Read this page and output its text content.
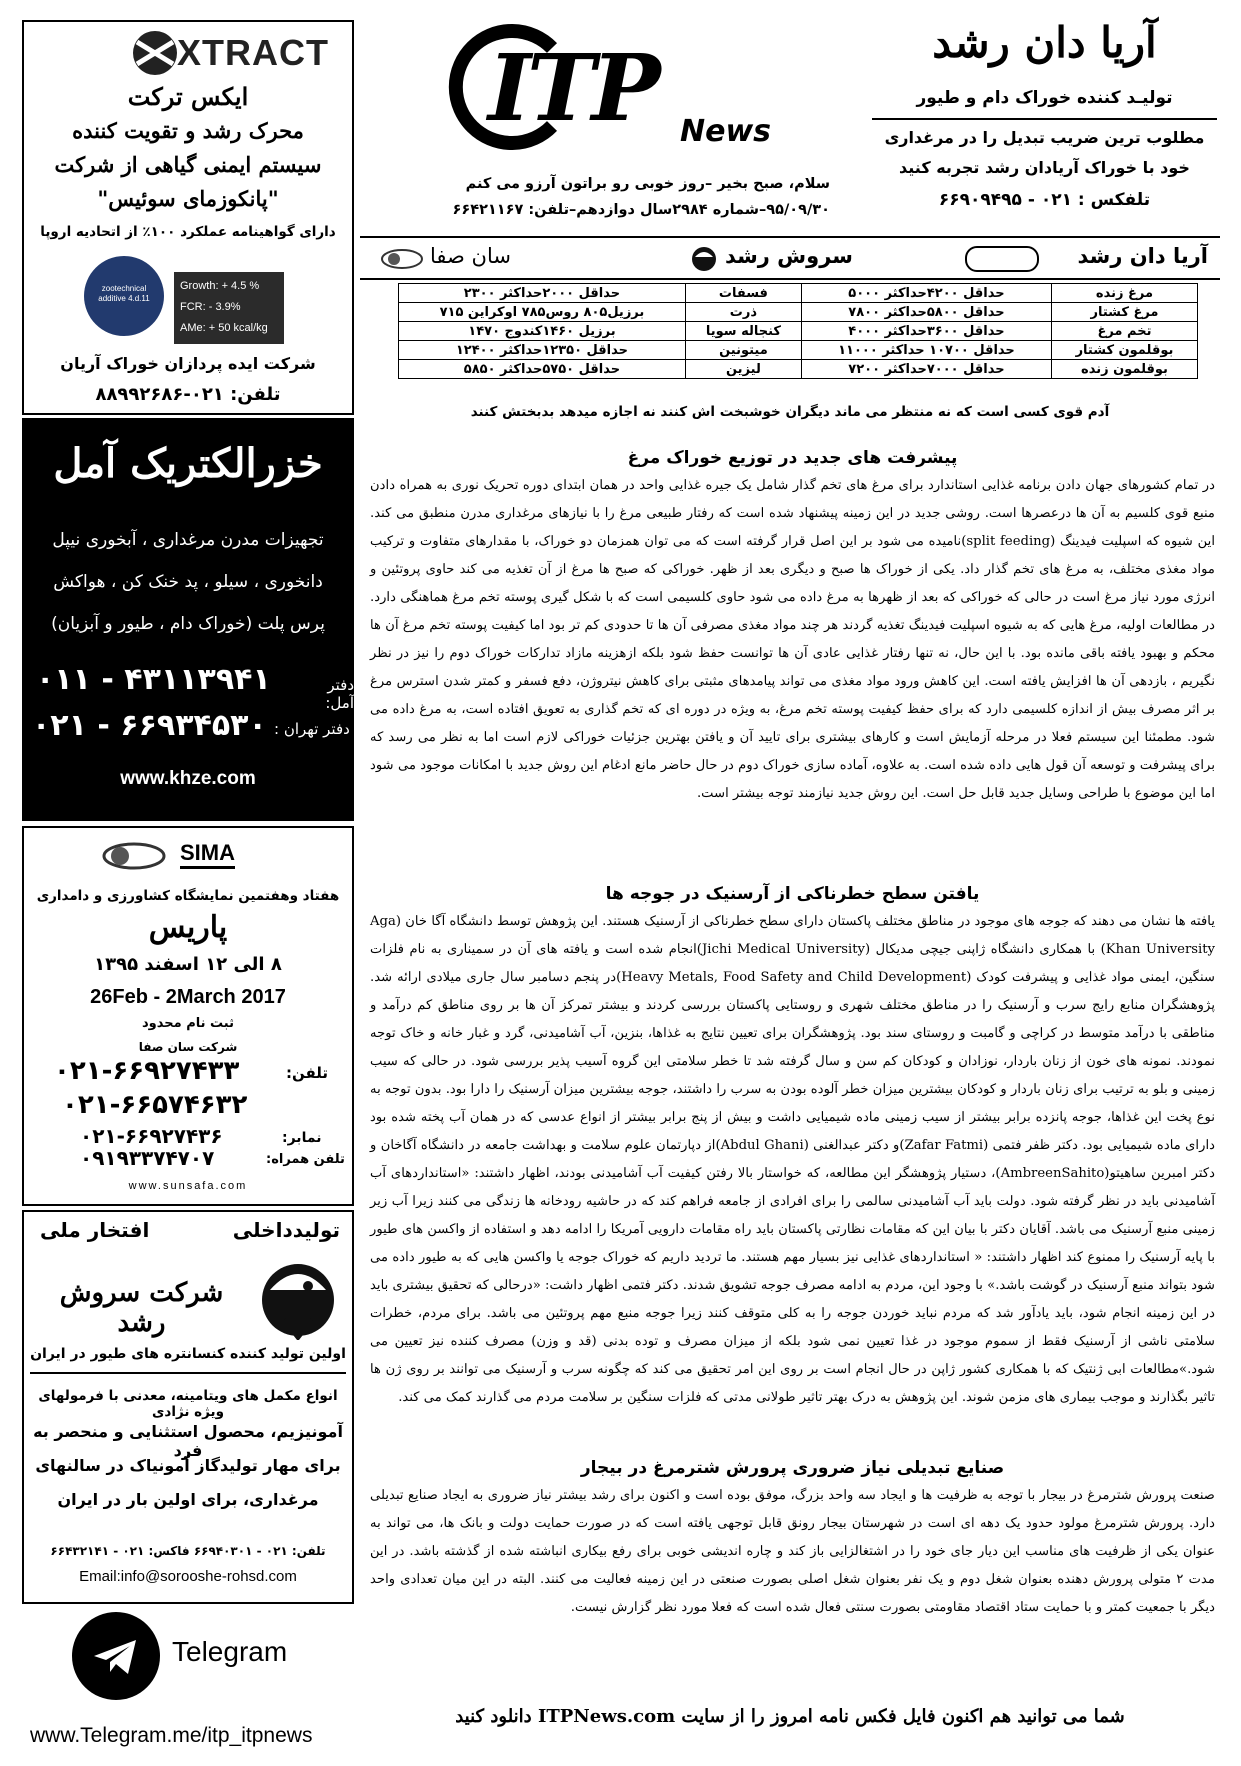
XTRACT
ایکس ترکت
محرک رشد و تقویت کننده
سیستم ایمنی گیاهی از شرکت
"پانکوزمای سوئیس"
دارای گواهینامه عملکرد ۱۰۰٪ از اتحادیه اروپا
zootechnical additive 4.d.11
Growth: + 4.5 %
FCR: - 3.9%
AMe: + 50 kcal/kg
شرکت ایده پردازان خوراک آریان
تلفن: ۰۲۱-۸۸۹۹۲۶۸۶
خزرالکتریک آمل
تجهیزات مدرن مرغداری ، آبخوری نیپل
دانخوری ، سیلو ، پد خنک کن ، هواکش
پرس پلت (خوراک دام ، طیور و آبزیان)
دفتر آمل:
۰۱۱ - ۴۳۱۱۳۹۴۱
دفتر تهران :
۰۲۱ - ۶۶۹۳۴۵۳۰
www.khze.com
SIMA
هفتاد وهفتمین نمایشگاه کشاورزی و دامداری
پاریس
۸ الی ۱۲ اسفند ۱۳۹۵
26Feb - 2March 2017
ثبت نام محدود
شرکت سان صفا
تلفن:
۰۲۱-۶۶۹۲۷۴۳۳
۰۲۱-۶۶۵۷۴۶۳۲
نمابر:
۰۲۱-۶۶۹۲۷۴۳۶
تلفن همراه:
۰۹۱۹۳۳۷۴۷۰۷
www.sunsafa.com
تولیدداخلی
افتخار ملی
شرکت سروش رشد
اولین تولید کننده کنسانتره های طیور در ایران
انواع مکمل های ویتامینه، معدنی با فرمولهای ویژه نژادی
آمونیزیم، محصول استثنایی و منحصر به فرد
برای مهار تولیدگاز آمونیاک در سالنهای
مرغداری، برای اولین بار در ایران
تلفن: ۰۲۱ - ۶۶۹۴۰۳۰۱ فاکس: ۰۲۱ - ۶۶۴۳۲۱۴۱
Email:info@sorooshe-rohsd.com
Telegram
www.Telegram.me/itp_itpnews
ITP News
سلام، صبح بخیر –روز خوبی رو براتون آرزو می کنم
۹۵/۰۹/۳۰–شماره ۲۹۸۴سال دوازدهم–تلفن: ۶۶۴۲۱۱۶۷
آریا دان رشد
تولیـد کننده خوراک دام و طیور
مطلوب ترین ضریب تبدیل را در مرغداری
خود با خوراک آریادان رشد تجربه کنید
تلفکس : ۰۲۱ - ۶۶۹۰۹۴۹۵
آریا دان رشد
سروش رشد
سان صفا
حداقل ۲۰۰۰حداکثر ۲۳۰۰	فسفات	حداقل ۴۲۰۰حداکثر ۵۰۰۰	مرغ زنده
برزیل۸۰۵ روس۷۸۵ اوکراین ۷۱۵	ذرت	حداقل ۵۸۰۰حداکثر ۷۸۰۰	مرغ کشتار
برزیل ۱۴۶۰کندوج ۱۴۷۰	کنجاله سویا	حداقل ۳۶۰۰حداکثر ۴۰۰۰	تخم مرغ
حداقل ۱۲۳۵۰حداکثر ۱۲۴۰۰	میتونین	حداقل ۱۰۷۰۰ حداکثر ۱۱۰۰۰	بوقلمون کشتار
حداقل ۵۷۵۰حداکثر ۵۸۵۰	لیزین	حداقل ۷۰۰۰حداکثر ۷۲۰۰	بوقلمون زنده
آدم قوی کسی است که نه منتظر می ماند دیگران خوشبخت اش کنند نه اجازه میدهد بدبختش کنند
پیشرفت های جدید در توزیع خوراک مرغ

در تمام کشورهای جهان دادن برنامه غذایی استاندارد برای مرغ های تخم گذار شامل یک جیره غذایی واحد در همان ابتدای دوره تحریک نوری به همراه دادن منبع قوی کلسیم به آن ها درعصرها است. روشی جدید در این زمینه پیشنهاد شده است که رفتار طبیعی مرغ را با نیازهای مرغداری مدرن منطبق می کند. این شیوه که اسپلیت فیدینگ (split feeding)نامیده می شود بر این اصل قرار گرفته است که می توان همزمان دو خوراک، با مقدارهای متفاوت و ترکیب مواد مغذی مختلف، به مرغ های تخم گذار داد. یکی از خوراک ها صبح و دیگری بعد از ظهر. خوراکی که صبح ها مرغ از آن تغذیه می کند حاوی پروتئین و انرژی مورد نیاز مرغ است در حالی که خوراکی که بعد از ظهرها به مرغ داده می شود حاوی کلسیمی است که با شکل گیری پوسته تخم مرغ هماهنگی دارد. در مطالعات اولیه، مرغ هایی که به شیوه اسپلیت فیدینگ تغذیه گردند هر چند مواد مغذی مصرفی آن ها تا حدودی کم تر بود اما کیفیت پوسته تخم مرغ آن ها محکم و بهبود یافته باقی مانده بود. با این حال، نه تنها رفتار غذایی عادی آن ها توانست حفظ شود بلکه ازهزینه مازاد تدارکات خوراک دوم را نیز در نظر نگیریم ، بازدهی آن ها افزایش یافته است. این کاهش ورود مواد مغذی می تواند پیامدهای مثبتی برای کاهش نیتروژن، دفع فسفر و کمتر شدن استرس مرغ بر اثر مصرف بیش از اندازه کلسیمی دارد که برای حفظ کیفیت پوسته تخم مرغ، به ویژه در دوره ای که تخم گذاری به تعویق افتاده است، به مرغ داده می شود. مطمئنا این سیستم فعلا در مرحله آزمایش است و کارهای بیشتری برای تایید آن و یافتن بهترین جزئیات خوراکی لازم است اما به نظر می رسد که برای پیشرفت و توسعه آن قول هایی داده شده است. به علاوه، آماده سازی خوراک دوم در حال حاضر مانع ادغام این روش جدید با امکانات موجود می شود اما این موضوع با طراحی وسایل جدید قابل حل است. این روش جدید نیازمند توجه بیشتر است.

یافتن سطح خطرناکی از آرسنیک در جوجه ها

یافته ها نشان می دهند که جوجه های موجود در مناطق مختلف پاکستان دارای سطح خطرناکی از آرسنیک هستند. این پژوهش توسط دانشگاه آگا خان (Aga Khan University) با همکاری دانشگاه ژاپنی جیچی مدیکال (Jichi Medical University)انجام شده است و یافته های آن در سمیناری به نام فلزات سنگین، ایمنی مواد غذایی و پیشرفت کودک (Heavy Metals, Food Safety and Child Development)در پنجم دسامبر سال جاری میلادی ارائه شد. پژوهشگران منابع رایج سرب و آرسنیک را در مناطق مختلف شهری و روستایی پاکستان بررسی کردند و بیشتر تمرکز آن ها بر روی مناطق کم درآمد و مناطقی با درآمد متوسط در کراچی و گامبت و روستای سند بود. پژوهشگران برای تعیین نتایج به غذاها، بنزین، آب آشامیدنی، گرد و غبار خانه و خاک توجه نمودند. نمونه های خون از زنان باردار، نوزادان و کودکان کم سن و سال گرفته شد تا خطر سلامتی این گروه آسیب پذیر بررسی شود. در حالی که سیب زمینی و بلو به ترتیب برای زنان باردار و کودکان بیشترین میزان خطر آلوده بودن به سرب را داشتند، جوجه بیشترین میزان آرسنیک را دارا بود. بدون توجه به نوع پخت این غذاها، جوجه پانزده برابر بیشتر از سیب زمینی ماده شیمیایی داشت و بیش از پنج برابر بیشتر از انواع عدسی که در همان آب پخته شده بود دارای ماده شیمیایی بود. دکتر ظفر فتمی (Zafar Fatmi)و دکتر عبدالغنی (Abdul Ghani)از دپارتمان علوم سلامت و بهداشت جامعه در دانشگاه آگاخان و دکتر امبرین ساهیتو(AmbreenSahito)، دستیار پژوهشگر این مطالعه، که خواستار بالا رفتن کیفیت آب آشامیدنی بودند، اظهار داشتند: «استانداردهای آب آشامیدنی باید در نظر گرفته شود. دولت باید آب آشامیدنی سالمی را برای افرادی از جامعه فراهم کند که در حاشیه رودخانه ها زندگی می کنند زیرا آب زیر زمینی منبع آرسنیک می باشد. آقایان دکتر با بیان این که مقامات نظارتی پاکستان باید راه مقامات دارویی آمریکا را ادامه دهد و استفاده از واکسن های طیور با پایه آرسنیک را ممنوع کند اظهار داشتند: « استانداردهای غذایی نیز بسیار مهم هستند. ما تردید داریم که خوراک جوجه یا واکسن هایی که به طیور داده می شود بتواند منبع آرسنیک در گوشت باشد.» با وجود این، مردم به ادامه مصرف جوجه تشویق شدند. دکتر فتمی اظهار داشت: «درحالی که تحقیق بیشتری باید در این زمینه انجام شود، باید یادآور شد که مردم نباید خوردن جوجه را به کلی متوقف کنند زیرا جوجه منبع مهم پروتئین می باشد. برای مردم، خطرات سلامتی ناشی از آرسنیک فقط از سموم موجود در غذا تعیین نمی شود بلکه از میزان مصرف و توده بدنی (قد و وزن) مصرف کننده نیز تعیین می شود.»مطالعات ابی ژنتیک که با همکاری کشور ژاپن در حال انجام است بر روی این امر تحقیق می کند که چگونه سرب و آرسنیک می توانند بر روی ژن ها تاثیر بگذارند و موجب بیماری های مزمن شوند. این پژوهش به درک بهتر تاثیر طولانی مدتی که فلزات سنگین بر سلامت مردم می گذارند کمک می کند.

صنایع تبدیلی نیاز ضروری پرورش شترمرغ در بیجار

صنعت پرورش شترمرغ در بیجار با توجه به ظرفیت ها و ایجاد سه واحد بزرگ، موفق بوده است و اکنون برای رشد بیشتر نیاز ضروری به ایجاد صنایع تبدیلی دارد. پرورش شترمرغ مولود حدود یک دهه ای است در شهرستان بیجار رونق قابل توجهی یافته است که در صورت حمایت دولت و بانک ها، می تواند به عنوان یکی از ظرفیت های مناسب این دیار جای خود را در اشتغالزایی باز کند و چاره اندیشی خوبی برای رفع بیکاری انباشته شده از گذشته باشد. در این مدت ۲ متولی پرورش دهنده بعنوان شغل دوم و یک نفر بعنوان شغل اصلی بصورت صنعتی در این زمینه فعالیت می کنند. البته در این میان تعدادی واحد دیگر با جمعیت کمتر و با حمایت ستاد اقتصاد مقاومتی بصورت سنتی فعال شده است که فعلا مورد نظر گزارش نیست.

شما می توانید هم اکنون فایل فکس نامه امروز را از سایت ITPNews.com دانلود کنید
